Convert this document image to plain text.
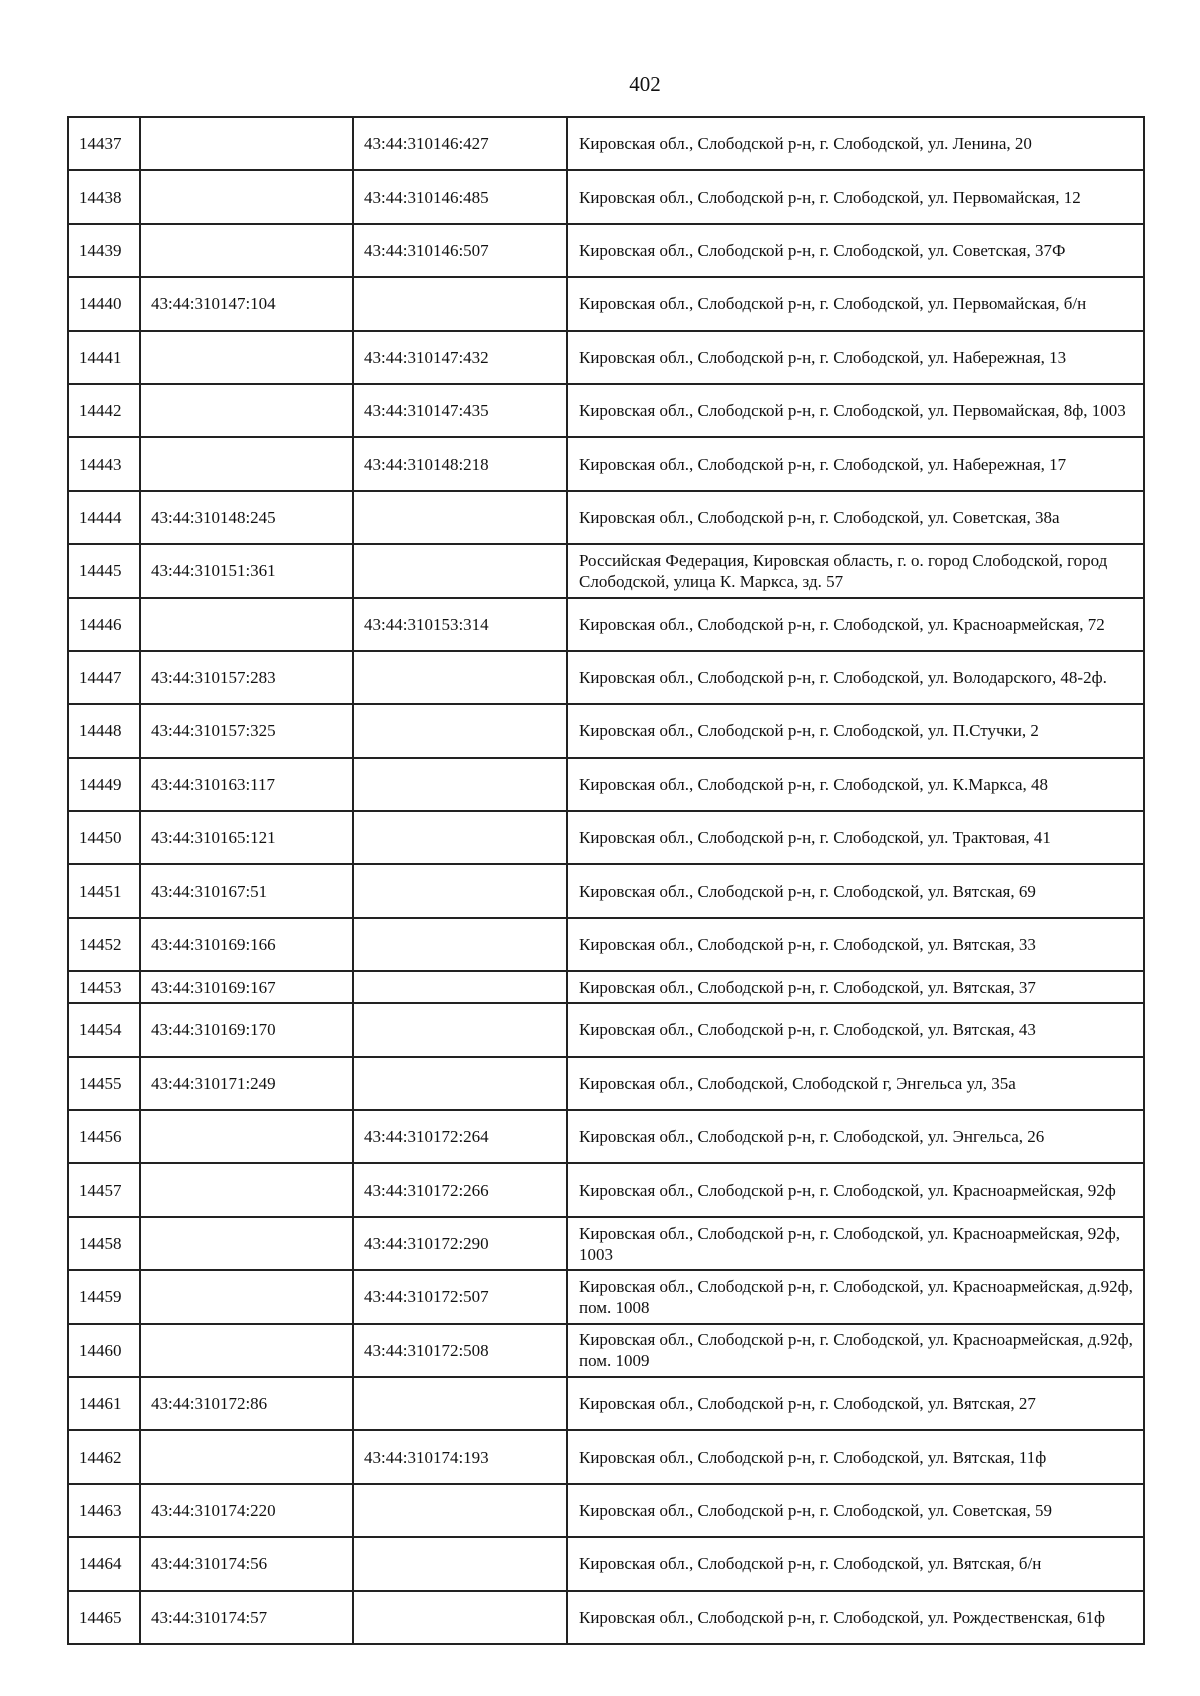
402
14437		43:44:310146:427	Кировская обл., Слободской р-н, г. Слободской, ул. Ленина, 20
14438		43:44:310146:485	Кировская обл., Слободской р-н, г. Слободской, ул. Первомайская, 12
14439		43:44:310146:507	Кировская обл., Слободской р-н, г. Слободской, ул. Советская, 37Ф
14440	43:44:310147:104		Кировская обл., Слободской р-н, г. Слободской, ул. Первомайская, б/н
14441		43:44:310147:432	Кировская обл., Слободской р-н, г. Слободской, ул. Набережная, 13
14442		43:44:310147:435	Кировская обл., Слободской р-н, г. Слободской, ул. Первомайская, 8ф, 1003
14443		43:44:310148:218	Кировская обл., Слободской р-н, г. Слободской, ул. Набережная, 17
14444	43:44:310148:245		Кировская обл., Слободской р-н, г. Слободской, ул. Советская, 38а
14445	43:44:310151:361		Российская Федерация, Кировская область, г. о. город Слободской, город Слободской, улица К. Маркса, зд. 57
14446		43:44:310153:314	Кировская обл., Слободской р-н, г. Слободской, ул. Красноармейская, 72
14447	43:44:310157:283		Кировская обл., Слободской р-н, г. Слободской, ул. Володарского, 48-2ф.
14448	43:44:310157:325		Кировская обл., Слободской р-н, г. Слободской, ул. П.Стучки, 2
14449	43:44:310163:117		Кировская обл., Слободской р-н, г. Слободской, ул. К.Маркса, 48
14450	43:44:310165:121		Кировская обл., Слободской р-н, г. Слободской, ул. Трактовая, 41
14451	43:44:310167:51		Кировская обл., Слободской р-н, г. Слободской, ул. Вятская, 69
14452	43:44:310169:166		Кировская обл., Слободской р-н, г. Слободской, ул. Вятская, 33
14453	43:44:310169:167		Кировская обл., Слободской р-н, г. Слободской, ул. Вятская, 37
14454	43:44:310169:170		Кировская обл., Слободской р-н, г. Слободской, ул. Вятская, 43
14455	43:44:310171:249		Кировская обл., Слободской, Слободской г, Энгельса ул, 35а
14456		43:44:310172:264	Кировская обл., Слободской р-н, г. Слободской, ул. Энгельса, 26
14457		43:44:310172:266	Кировская обл., Слободской р-н, г. Слободской, ул. Красноармейская, 92ф
14458		43:44:310172:290	Кировская обл., Слободской р-н, г. Слободской, ул. Красноармейская, 92ф, 1003
14459		43:44:310172:507	Кировская обл., Слободской р-н, г. Слободской, ул. Красноармейская, д.92ф, пом. 1008
14460		43:44:310172:508	Кировская обл., Слободской р-н, г. Слободской, ул. Красноармейская, д.92ф, пом. 1009
14461	43:44:310172:86		Кировская обл., Слободской р-н, г. Слободской, ул. Вятская, 27
14462		43:44:310174:193	Кировская обл., Слободской р-н, г. Слободской, ул. Вятская, 11ф
14463	43:44:310174:220		Кировская обл., Слободской р-н, г. Слободской, ул. Советская, 59
14464	43:44:310174:56		Кировская обл., Слободской р-н, г. Слободской, ул. Вятская, б/н
14465	43:44:310174:57		Кировская обл., Слободской р-н, г. Слободской, ул. Рождественская, 61ф
